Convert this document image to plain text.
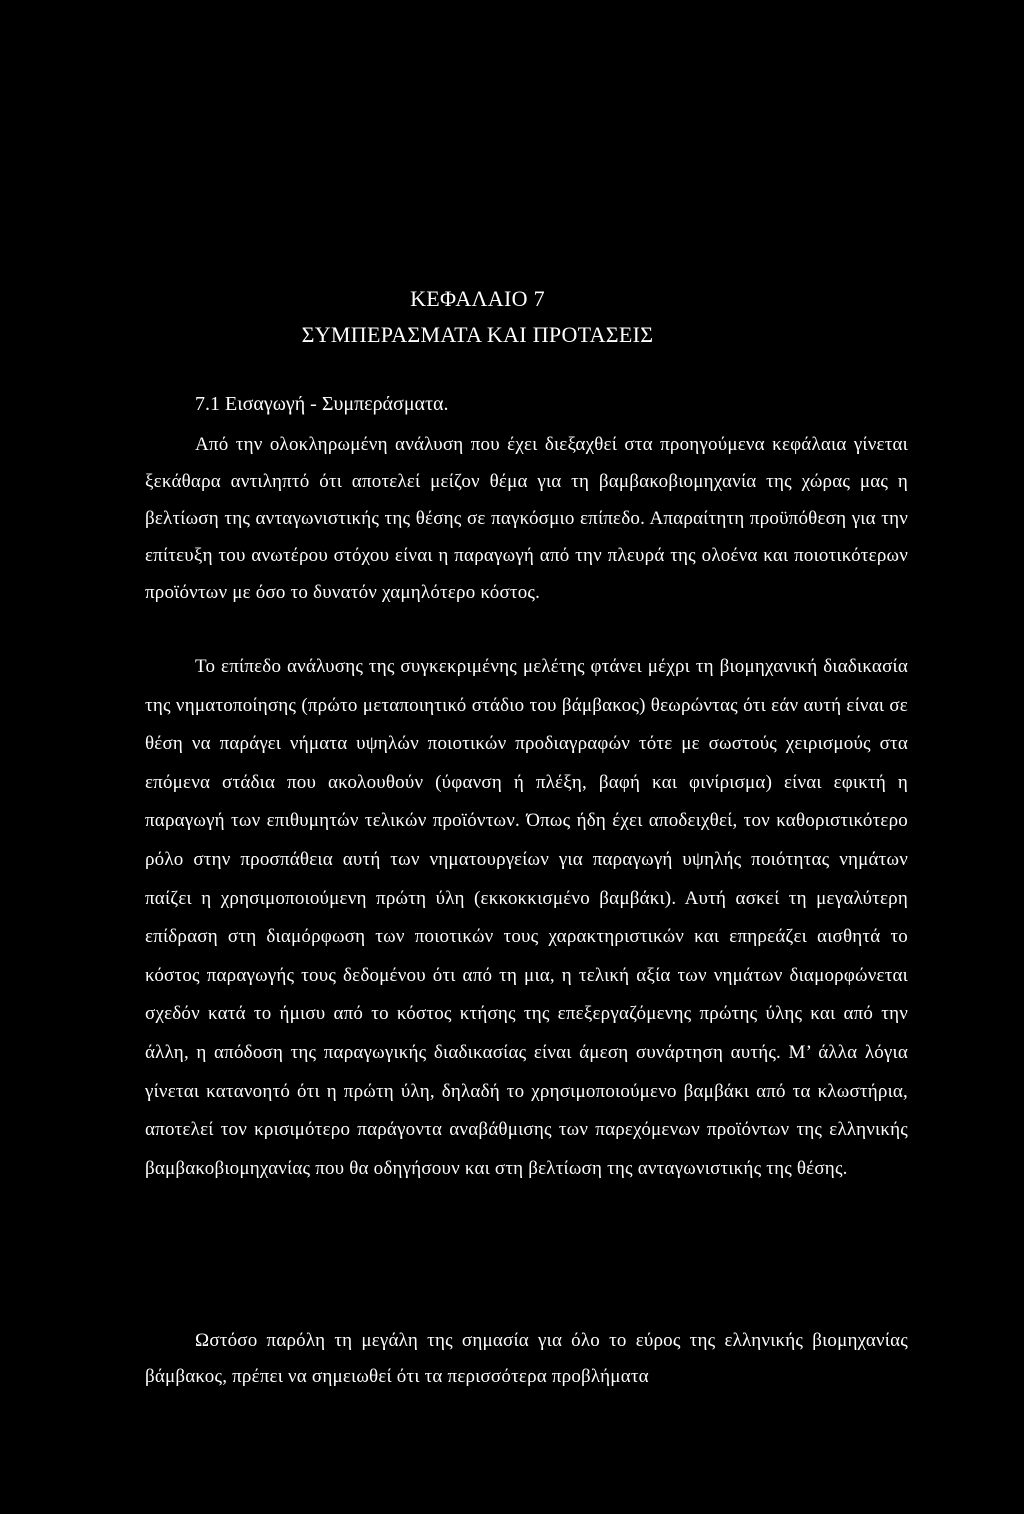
ΚΕΦΑΛΑΙΟ 7
ΣΥΜΠΕΡΑΣΜΑΤΑ ΚΑΙ ΠΡΟΤΑΣΕΙΣ
7.1 Εισαγωγή - Συμπεράσματα.

Από την ολοκληρωμένη ανάλυση που έχει διεξαχθεί στα προηγούμενα κεφάλαια γίνεται ξεκάθαρα αντιληπτό ότι αποτελεί μείζον θέμα για τη βαμβακοβιομηχανία της χώρας μας η βελτίωση της ανταγωνιστικής της θέσης σε παγκόσμιο επίπεδο. Απαραίτητη προϋπόθεση για την επίτευξη του ανωτέρου στόχου είναι η παραγωγή από την πλευρά της ολοένα και ποιοτικότερων προϊόντων με όσο το δυνατόν χαμηλότερο κόστος.

Το επίπεδο ανάλυσης της συγκεκριμένης μελέτης φτάνει μέχρι τη βιομηχανική διαδικασία της νηματοποίησης (πρώτο μεταποιητικό στάδιο του βάμβακος) θεωρώντας ότι εάν αυτή είναι σε θέση να παράγει νήματα υψηλών ποιοτικών προδιαγραφών τότε με σωστούς χειρισμούς στα επόμενα στάδια που ακολουθούν (ύφανση ή πλέξη, βαφή και φινίρισμα) είναι εφικτή η παραγωγή των επιθυμητών τελικών προϊόντων. Όπως ήδη έχει αποδειχθεί, τον καθοριστικότερο ρόλο στην προσπάθεια αυτή των νηματουργείων για παραγωγή υψηλής ποιότητας νημάτων παίζει η χρησιμοποιούμενη πρώτη ύλη (εκκοκκισμένο βαμβάκι). Αυτή ασκεί τη μεγαλύτερη επίδραση στη διαμόρφωση των ποιοτικών τους χαρακτηριστικών και επηρεάζει αισθητά το κόστος παραγωγής τους δεδομένου ότι από τη μια, η τελική αξία των νημάτων διαμορφώνεται σχεδόν κατά το ήμισυ από το κόστος κτήσης της επεξεργαζόμενης πρώτης ύλης και από την άλλη, η απόδοση της παραγωγικής διαδικασίας είναι άμεση συνάρτηση αυτής. Μ’ άλλα λόγια γίνεται κατανοητό ότι η πρώτη ύλη, δηλαδή το χρησιμοποιούμενο βαμβάκι από τα κλωστήρια, αποτελεί τον κρισιμότερο παράγοντα αναβάθμισης των παρεχόμενων προϊόντων της ελληνικής βαμβακοβιομηχανίας που θα οδηγήσουν και στη βελτίωση της ανταγωνιστικής της θέσης.

Ωστόσο παρόλη τη μεγάλη της σημασία για όλο το εύρος της ελληνικής βιομηχανίας βάμβακος, πρέπει να σημειωθεί ότι τα περισσότερα προβλήματα
